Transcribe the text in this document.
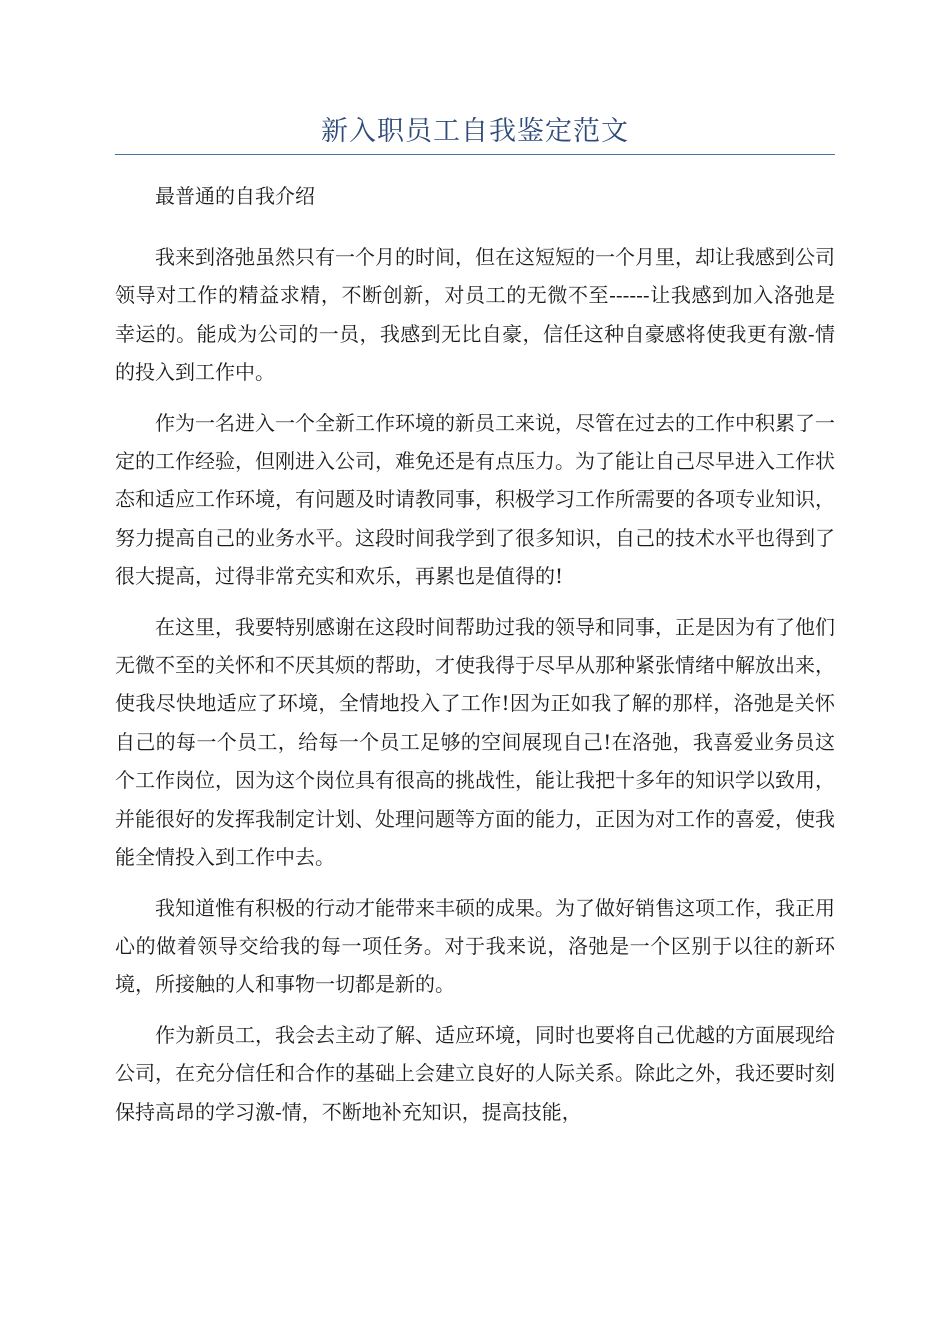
新入职员工自我鉴定范文

最普通的自我介绍

我来到洛弛虽然只有一个月的时间，但在这短短的一个月里，却让我感到公司领导对工作的精益求精，不断创新，对员工的无微不至------让我感到加入洛弛是幸运的。能成为公司的一员，我感到无比自豪，信任这种自豪感将使我更有激-情的投入到工作中。

作为一名进入一个全新工作环境的新员工来说，尽管在过去的工作中积累了一定的工作经验，但刚进入公司，难免还是有点压力。为了能让自己尽早进入工作状态和适应工作环境，有问题及时请教同事，积极学习工作所需要的各项专业知识，努力提高自己的业务水平。这段时间我学到了很多知识，自己的技术水平也得到了很大提高，过得非常充实和欢乐，再累也是值得的!

在这里，我要特别感谢在这段时间帮助过我的领导和同事，正是因为有了他们无微不至的关怀和不厌其烦的帮助，才使我得于尽早从那种紧张情绪中解放出来，使我尽快地适应了环境，全情地投入了工作!因为正如我了解的那样，洛弛是关怀自己的每一个员工，给每一个员工足够的空间展现自己!在洛弛，我喜爱业务员这个工作岗位，因为这个岗位具有很高的挑战性，能让我把十多年的知识学以致用，并能很好的发挥我制定计划、处理问题等方面的能力，正因为对工作的喜爱，使我能全情投入到工作中去。

我知道惟有积极的行动才能带来丰硕的成果。为了做好销售这项工作，我正用心的做着领导交给我的每一项任务。对于我来说，洛弛是一个区别于以往的新环境，所接触的人和事物一切都是新的。

作为新员工，我会去主动了解、适应环境，同时也要将自己优越的方面展现给公司，在充分信任和合作的基础上会建立良好的人际关系。除此之外，我还要时刻保持高昂的学习激-情，不断地补充知识，提高技能，
